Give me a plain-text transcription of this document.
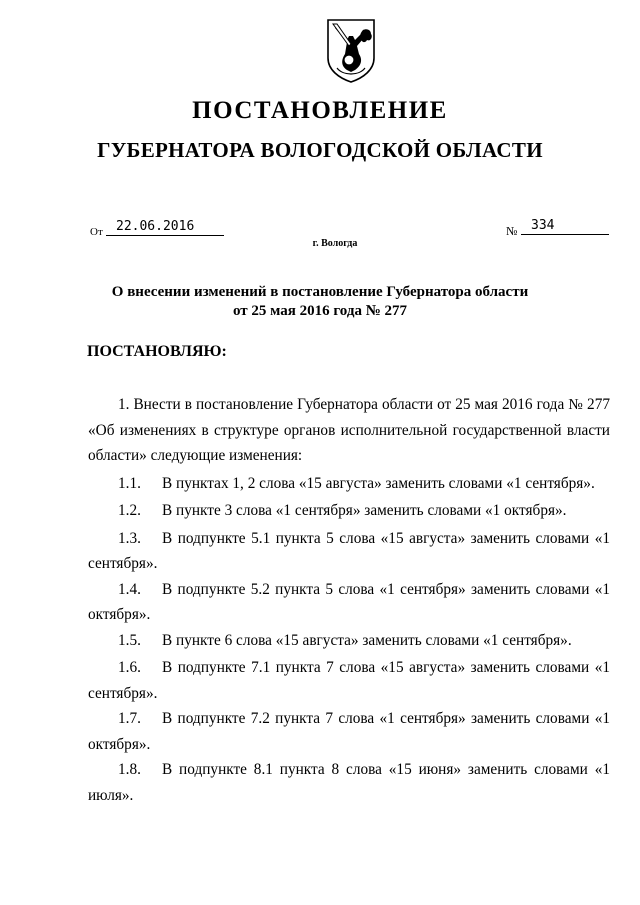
ПОСТАНОВЛЕНИЕ
ГУБЕРНАТОРА ВОЛОГОДСКОЙ ОБЛАСТИ
От	22.06.2016	№	334
г. Вологда
О внесении изменений в постановление Губернатора области
от 25 мая 2016 года № 277
ПОСТАНОВЛЯЮ:

1. Внести в постановление Губернатора области от 25 мая 2016 года № 277 «Об изменениях в структуре органов исполнительной государственной власти области» следующие изменения:

1.1. В пунктах 1, 2 слова «15 августа» заменить словами «1 сентября».

1.2. В пункте 3 слова «1 сентября» заменить словами «1 октября».

1.3. В подпункте 5.1 пункта 5 слова «15 августа» заменить словами «1 сентября».

1.4. В подпункте 5.2 пункта 5 слова «1 сентября» заменить словами «1 октября».

1.5. В пункте 6 слова «15 августа» заменить словами «1 сентября».

1.6. В подпункте 7.1 пункта 7 слова «15 августа» заменить словами «1 сентября».

1.7. В подпункте 7.2 пункта 7 слова «1 сентября» заменить словами «1 октября».

1.8. В подпункте 8.1 пункта 8 слова «15 июня» заменить словами «1 июля».
